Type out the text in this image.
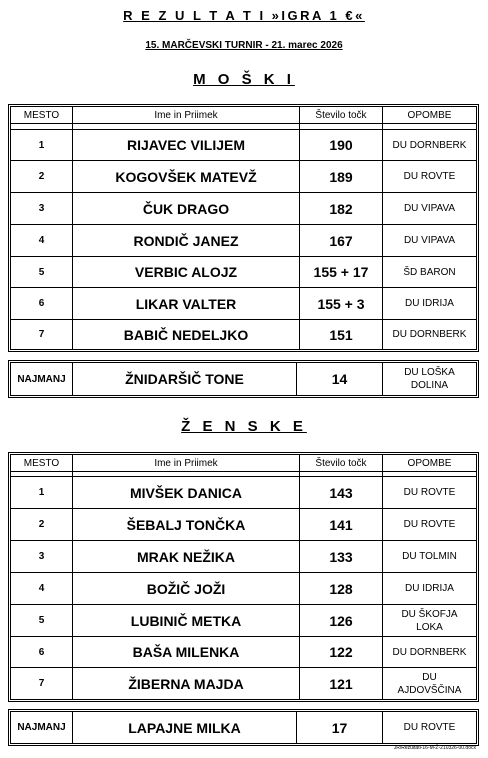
R E Z U L T A T I »IGRA 1 €«
15. MARČEVSKI TURNIR - 21. marec 2026
M O Š K I
MESTO	Ime in Priimek	Število točk	OPOMBE
1	RIJAVEC VILIJEM	190	DU DORNBERK
2	KOGOVŠEK MATEVŽ	189	DU ROVTE
3	ČUK DRAGO	182	DU VIPAVA
4	RONDIČ JANEZ	167	DU VIPAVA
5	VERBIC ALOJZ	155 + 17	ŠD BARON
6	LIKAR VALTER	155 + 3	DU IDRIJA
7	BABIČ NEDELJKO	151	DU DORNBERK
NAJMANJ	ŽNIDARŠIČ TONE	14	DU LOŠKA
DOLINA
Ž E N S K E
MESTO	Ime in Priimek	Število točk	OPOMBE
1	MIVŠEK DANICA	143	DU ROVTE
2	ŠEBALJ TONČKA	141	DU ROVTE
3	MRAK NEŽIKA	133	DU TOLMIN
4	BOŽIČ JOŽI	128	DU IDRIJA
5	LUBINIČ METKA	126	DU ŠKOFJA
LOKA
6	BAŠA MILENKA	122	DU DORNBERK
7	ŽIBERNA MAJDA	121	DU
AJDOVŠČINA
NAJMANJ	LAPAJNE MILKA	17	DU ROVTE
JR/Rezultati-16-M-Ž-210326-00.docx
